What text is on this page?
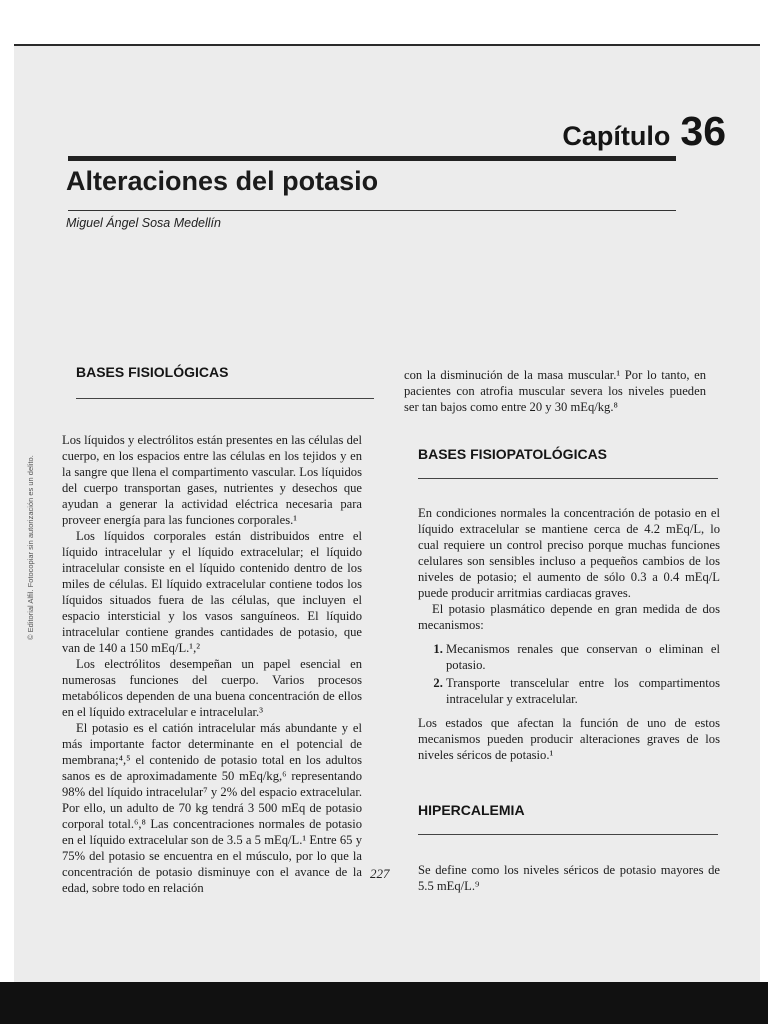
Capítulo 36
Alteraciones del potasio
Miguel Ángel Sosa Medellín
BASES FISIOLÓGICAS

Los líquidos y electrólitos están presentes en las células del cuerpo, en los espacios entre las células en los tejidos y en la sangre que llena el compartimento vascular. Los líquidos del cuerpo transportan gases, nutrientes y desechos que ayudan a generar la actividad eléctrica necesaria para proveer energía para las funciones corporales.¹

Los líquidos corporales están distribuidos entre el líquido intracelular y el líquido extracelular; el líquido intracelular consiste en el líquido contenido dentro de los miles de células. El líquido extracelular contiene todos los líquidos situados fuera de las células, que incluyen el espacio intersticial y los vasos sanguíneos. El líquido intracelular contiene grandes cantidades de potasio, que van de 140 a 150 mEq/L.¹,²

Los electrólitos desempeñan un papel esencial en numerosas funciones del cuerpo. Varios procesos metabólicos dependen de una buena concentración de ellos en el líquido extracelular e intracelular.³

El potasio es el catión intracelular más abundante y el más importante factor determinante en el potencial de membrana;⁴,⁵ el contenido de potasio total en los adultos sanos es de aproximadamente 50 mEq/kg,⁶ representando 98% del líquido intracelular⁷ y 2% del espacio extracelular. Por ello, un adulto de 70 kg tendrá 3 500 mEq de potasio corporal total.⁶,⁸ Las concentraciones normales de potasio en el líquido extracelular son de 3.5 a 5 mEq/L.¹ Entre 65 y 75% del potasio se encuentra en el músculo, por lo que la concentración de potasio disminuye con el avance de la edad, sobre todo en relación

con la disminución de la masa muscular.¹ Por lo tanto, en pacientes con atrofia muscular severa los niveles pueden ser tan bajos como entre 20 y 30 mEq/kg.⁸

BASES FISIOPATOLÓGICAS

En condiciones normales la concentración de potasio en el líquido extracelular se mantiene cerca de 4.2 mEq/L, lo cual requiere un control preciso porque muchas funciones celulares son sensibles incluso a pequeños cambios de los niveles de potasio; el aumento de sólo 0.3 a 0.4 mEq/L puede producir arritmias cardiacas graves.

El potasio plasmático depende en gran medida de dos mecanismos:

1. Mecanismos renales que conservan o eliminan el potasio.
2. Transporte transcelular entre los compartimentos intracelular y extracelular.

Los estados que afectan la función de uno de estos mecanismos pueden producir alteraciones graves de los niveles séricos de potasio.¹

HIPERCALEMIA

Se define como los niveles séricos de potasio mayores de 5.5 mEq/L.⁹

© Editorial Alfil. Fotocopiar sin autorización es un delito.
227
